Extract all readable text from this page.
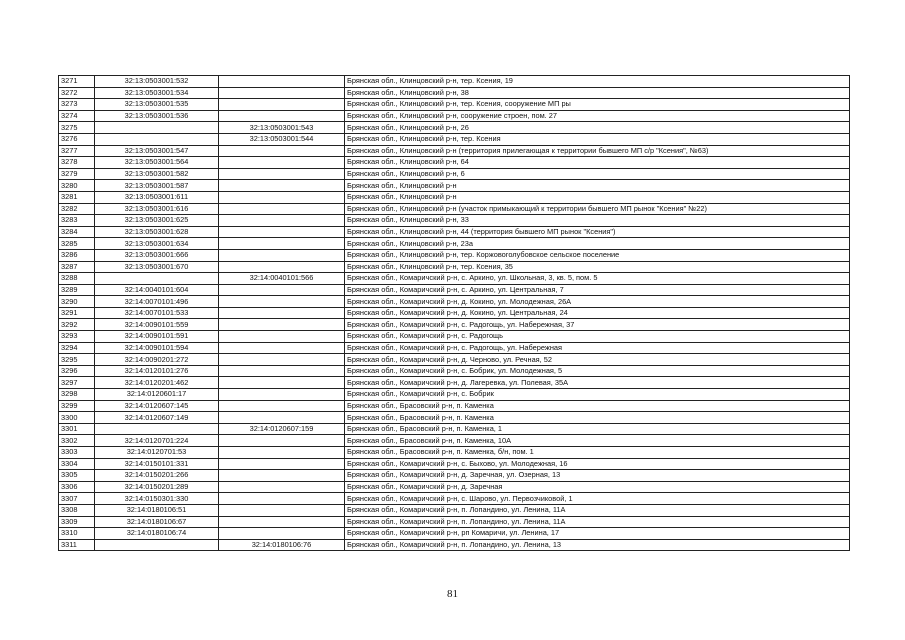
3271	32:13:0503001:532		Брянская обл., Клинцовский р-н, тер. Ксения, 19
3272	32:13:0503001:534		Брянская обл., Клинцовский р-н, 38
3273	32:13:0503001:535		Брянская обл., Клинцовский р-н, тер. Ксения, сооружение МП ры
3274	32:13:0503001:536		Брянская обл., Клинцовский р-н, сооружение строен, пом. 27
3275		32:13:0503001:543	Брянская обл., Клинцовский р-н, 26
3276		32:13:0503001:544	Брянская обл., Клинцовский р-н, тер. Ксения
3277	32:13:0503001:547		Брянская обл., Клинцовский р-н (территория прилегающая к территории бывшего МП с/р "Ксения", №63)
3278	32:13:0503001:564		Брянская обл., Клинцовский р-н, 64
3279	32:13:0503001:582		Брянская обл., Клинцовский р-н, 6
3280	32:13:0503001:587		Брянская обл., Клинцовский р-н
3281	32:13:0503001:611		Брянская обл., Клинцовский р-н
3282	32:13:0503001:616		Брянская обл., Клинцовский р-н (участок примыкающий к территории бывшего МП рынок "Ксения" №22)
3283	32:13:0503001:625		Брянская обл., Клинцовский р-н, 33
3284	32:13:0503001:628		Брянская обл., Клинцовский р-н, 44 (территория бывшего МП рынок "Ксения")
3285	32:13:0503001:634		Брянская обл., Клинцовский р-н, 23а
3286	32:13:0503001:666		Брянская обл., Клинцовский р-н, тер. Коржовоголубовское сельское поселение
3287	32:13:0503001:670		Брянская обл., Клинцовский р-н, тер. Ксения, 35
3288		32:14:0040101:566	Брянская обл., Комаричский р-н, с. Аркино, ул. Школьная, 3, кв. 5, пом. 5
3289	32:14:0040101:604		Брянская обл., Комаричский р-н, с. Аркино, ул. Центральная, 7
3290	32:14:0070101:496		Брянская обл., Комаричский р-н, д. Кокино, ул. Молодежная, 26А
3291	32:14:0070101:533		Брянская обл., Комаричский р-н, д. Кокино, ул. Центральная, 24
3292	32:14:0090101:559		Брянская обл., Комаричский р-н, с. Радогощь, ул. Набережная, 37
3293	32:14:0090101:591		Брянская обл., Комаричский р-н, с. Радогощь
3294	32:14:0090101:594		Брянская обл., Комаричский р-н, с. Радогощь, ул. Набережная
3295	32:14:0090201:272		Брянская обл., Комаричский р-н, д. Черново, ул. Речная, 52
3296	32:14:0120101:276		Брянская обл., Комаричский р-н, с. Бобрик, ул. Молодежная, 5
3297	32:14:0120201:462		Брянская обл., Комаричский р-н, д. Лагеревка, ул. Полевая, 35А
3298	32:14:0120601:17		Брянская обл., Комаричский р-н, с. Бобрик
3299	32:14:0120607:145		Брянская обл., Брасовский р-н, п. Каменка
3300	32:14:0120607:149		Брянская обл., Брасовский р-н, п. Каменка
3301		32:14:0120607:159	Брянская обл., Брасовский р-н, п. Каменка, 1
3302	32:14:0120701:224		Брянская обл., Брасовский р-н, п. Каменка, 10А
3303	32:14:0120701:53		Брянская обл., Брасовский р-н, п. Каменка, б/н, пом. 1
3304	32:14:0150101:331		Брянская обл., Комаричский р-н, с. Быхово, ул. Молодежная, 16
3305	32:14:0150201:266		Брянская обл., Комаричский р-н, д. Заречная, ул. Озерная, 13
3306	32:14:0150201:289		Брянская обл., Комаричский р-н, д. Заречная
3307	32:14:0150301:330		Брянская обл., Комаричский р-н, с. Шарово, ул. Первозчиковой, 1
3308	32:14:0180106:51		Брянская обл., Комаричский р-н, п. Лопандино, ул. Ленина, 11А
3309	32:14:0180106:67		Брянская обл., Комаричский р-н, п. Лопандино, ул. Ленина, 11А
3310	32:14:0180106:74		Брянская обл., Комаричский р-н, рп Комаричи, ул. Ленина, 17
3311		32:14:0180106:76	Брянская обл., Комаричский р-н, п. Лопандино, ул. Ленина, 13
81
